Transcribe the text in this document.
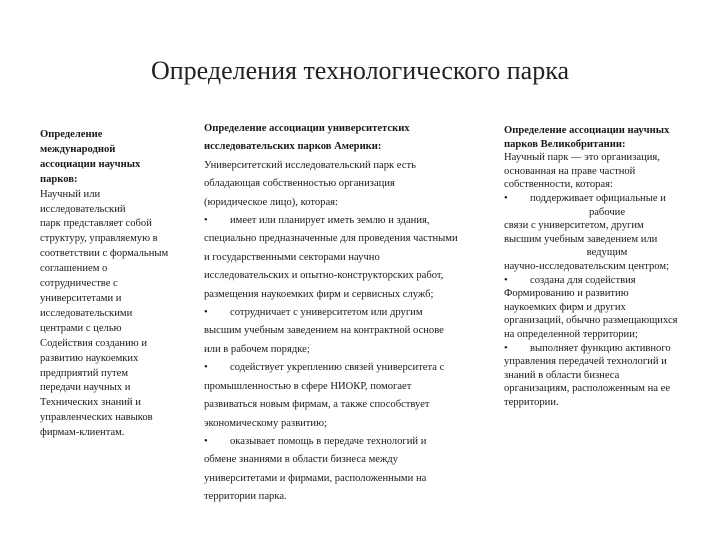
Определения технологического парка
Определение
международной
ассоциации научных
парков:
Научный или
исследовательский
парк представляет собой
структуру, управляемую в
соответствии с формальным
соглашением о
сотрудничестве с
университетами и
исследовательскими
центрами с целью
Содействия созданию и
развитию наукоемких
предприятий путем
передачи научных и
Технических знаний и
управленческих навыков
фирмам-клиентам.
Определение ассоциации университетских
исследовательских парков Америки:
Университетский исследовательский парк есть
обладающая собственностью организация
(юридическое лицо), которая:
• имеет или планирует иметь землю и здания,
специально предназначенные для проведения частными
и государственными секторами научно
исследовательских и опытно-конструкторских работ,
размещения наукоемких фирм и сервисных служб;
• сотрудничает с университетом или другим
высшим учебным заведением на контрактной основе
или в рабочем порядке;
• содействует укреплению связей университета с
промышленностью в сфере НИОКР, помогает
развиваться новым фирмам, а также способствует
экономическому развитию;
• оказывает помощь в передаче технологий и
обмене знаниями в области бизнеса между
университетами и фирмами, расположенными на
территории парка.
Определение ассоциации научных
парков Великобритании:
Научный парк — это организация,
основанная на праве частной
собственности, которая:
• поддерживает официальные и
рабочие
связи с университетом, другим
высшим учебным заведением или
ведущим
научно-исследовательским центром;
• создана для содействия
Формированию и развитию
наукоемких фирм и других
организаций, обычно размещающихся
на определенной территории;
• выполняет функцию активного
управления передачей технологий и
знаний в области бизнеса
организациям, расположенным на ее
территории.
